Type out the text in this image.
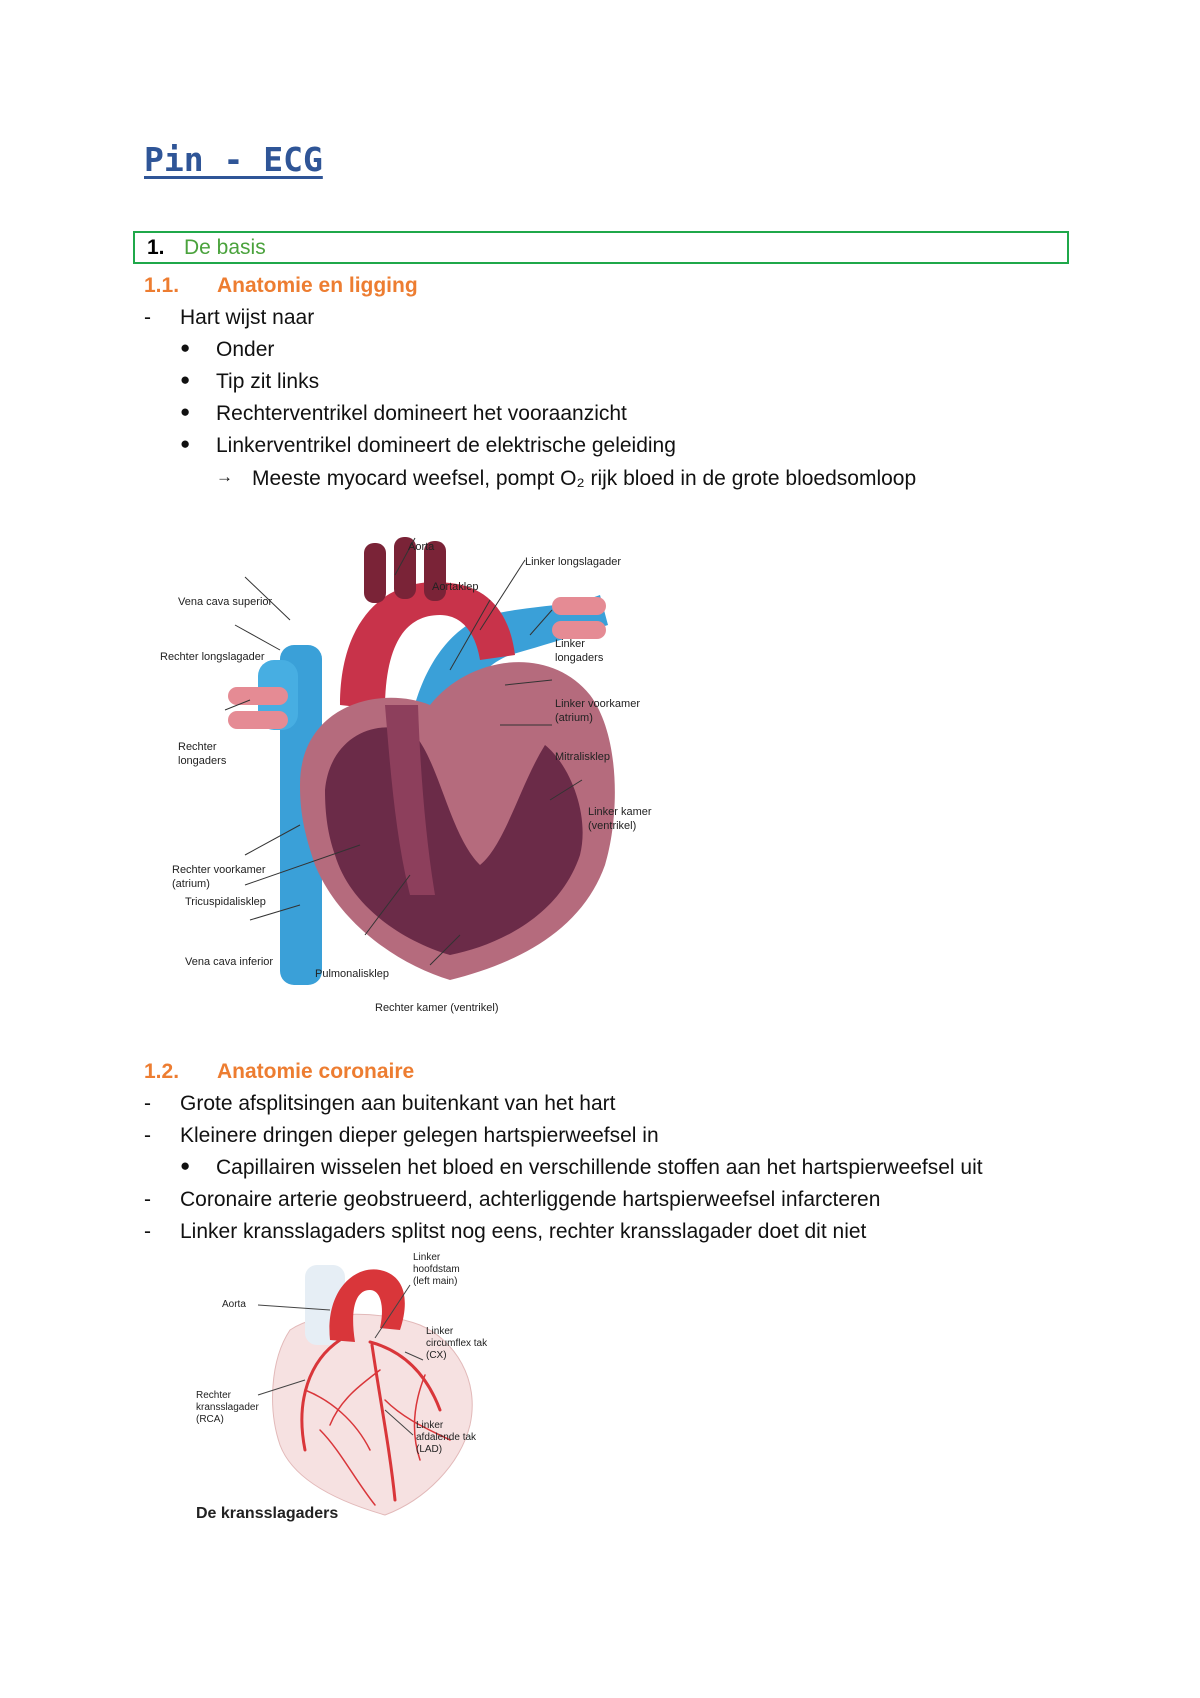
Pin - ECG
1. De basis
1.1.	Anatomie en ligging
-	Hart wijst naar
●	Onder
●	Tip zit links
●	Rechterventrikel domineert het vooraanzicht
●	Linkerventrikel domineert de elektrische geleiding
→ Meeste myocard weefsel, pompt O₂ rijk bloed in de grote bloedsomloop
Aorta
Linker longslagader
Aortaklep
Vena cava superior
Rechter longslagader
Linker
longaders
Linker voorkamer
(atrium)
Rechter
longaders	Mitralisklep
Linker kamer
(ventrikel)
Rechter voorkamer
(atrium)
Tricuspidalisklep
Vena cava inferior
Pulmonalisklep
Rechter kamer (ventrikel)
1.2.	Anatomie coronaire
-	Grote afsplitsingen aan buitenkant van het hart
-	Kleinere dringen dieper gelegen hartspierweefsel in
●	Capillairen wisselen het bloed en verschillende stoffen aan het hartspierweefsel uit
-	Coronaire arterie geobstrueerd, achterliggende hartspierweefsel infarcteren
-	Linker kransslagaders splitst nog eens, rechter kransslagader doet dit niet
Aorta
Linker
hoofdstam
(left main)
Linker
circumflex tak
(CX)
Rechter
kransslagader
(RCA)
Linker
afdalende tak
(LAD)
De kransslagaders
